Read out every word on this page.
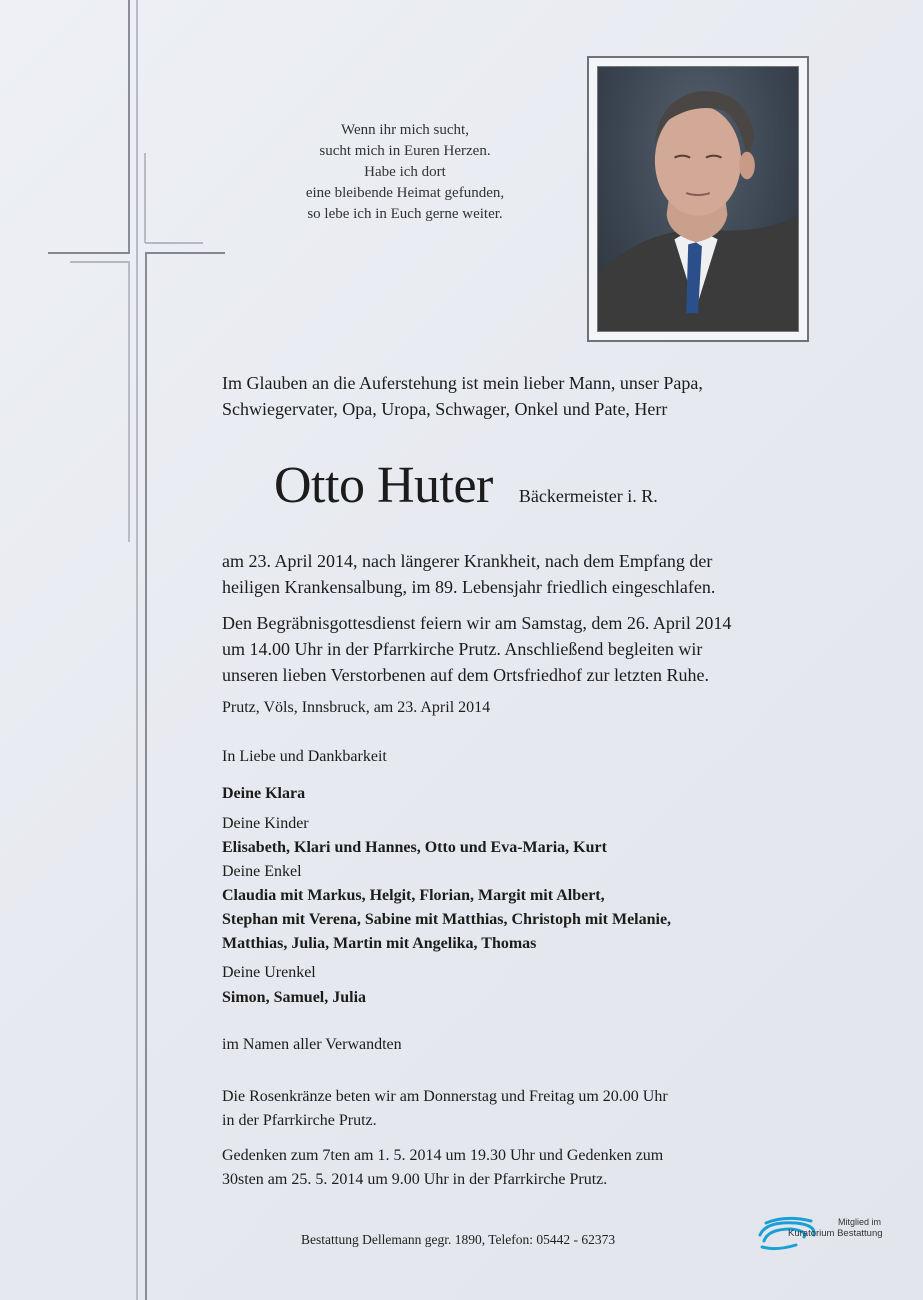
Wenn ihr mich sucht,
sucht mich in Euren Herzen.
Habe ich dort
eine bleibende Heimat gefunden,
so lebe ich in Euch gerne weiter.
Im Glauben an die Auferstehung ist mein lieber Mann, unser Papa,
Schwiegervater, Opa, Uropa, Schwager, Onkel und Pate, Herr
Otto Huter Bäckermeister i. R.
am 23. April 2014, nach längerer Krankheit, nach dem Empfang der
heiligen Krankensalbung, im 89. Lebensjahr friedlich eingeschlafen.
Den Begräbnisgottesdienst feiern wir am Samstag, dem 26. April 2014
um 14.00 Uhr in der Pfarrkirche Prutz. Anschließend begleiten wir
unseren lieben Verstorbenen auf dem Ortsfriedhof zur letzten Ruhe.
Prutz, Völs, Innsbruck, am 23. April 2014
In Liebe und Dankbarkeit
Deine Klara
Deine Kinder
Elisabeth, Klari und Hannes, Otto und Eva-Maria, Kurt
Deine Enkel
Claudia mit Markus, Helgit, Florian, Margit mit Albert,
Stephan mit Verena, Sabine mit Matthias, Christoph mit Melanie,
Matthias, Julia, Martin mit Angelika, Thomas
Deine Urenkel
Simon, Samuel, Julia
im Namen aller Verwandten
Die Rosenkränze beten wir am Donnerstag und Freitag um 20.00 Uhr
in der Pfarrkirche Prutz.
Gedenken zum 7ten am 1. 5. 2014 um 19.30 Uhr und Gedenken zum
30sten am 25. 5. 2014 um 9.00 Uhr in der Pfarrkirche Prutz.
Bestattung Dellemann gegr. 1890, Telefon: 05442 - 62373
Mitglied im
Kuratorium Bestattung
